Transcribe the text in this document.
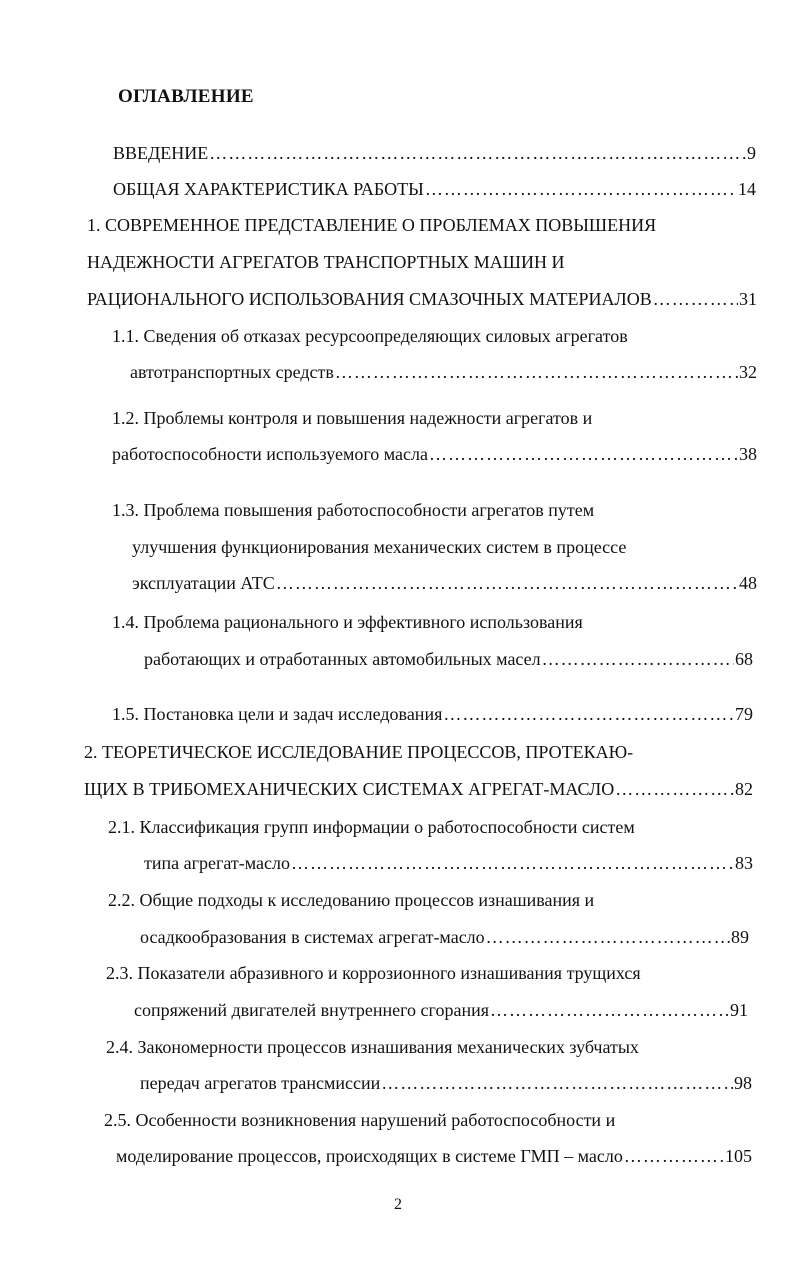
ОГЛАВЛЕНИЕ
ВВЕДЕНИЕ …………………………………………………………………………………………………………………………………………	9
ОБЩАЯ ХАРАКТЕРИСТИКА РАБОТЫ …………………………………………………………………………………………………………………………………………	14
1. СОВРЕМЕННОЕ ПРЕДСТАВЛЕНИЕ О ПРОБЛЕМАХ ПОВЫШЕНИЯ
НАДЕЖНОСТИ АГРЕГАТОВ ТРАНСПОРТНЫХ МАШИН И
РАЦИОНАЛЬНОГО ИСПОЛЬЗОВАНИЯ СМАЗОЧНЫХ МАТЕРИАЛОВ …………………………………………………………………………………………………………………………………………	31
1.1. Сведения об отказах ресурсоопределяющих силовых агрегатов
автотранспортных средств …………………………………………………………………………………………………………………………………………	32
1.2. Проблемы контроля и повышения надежности агрегатов и
работоспособности используемого масла …………………………………………………………………………………………………………………………………………	38
1.3. Проблема повышения работоспособности агрегатов путем
улучшения функционирования механических систем в процессе
эксплуатации АТС …………………………………………………………………………………………………………………………………………	48
1.4. Проблема рационального и эффективного использования
работающих и отработанных автомобильных масел …………………………………………………………………………………………………………………………………………	68
1.5. Постановка цели и задач исследования …………………………………………………………………………………………………………………………………………	79
2. ТЕОРЕТИЧЕСКОЕ ИССЛЕДОВАНИЕ ПРОЦЕССОВ, ПРОТЕКАЮ-
ЩИХ В ТРИБОМЕХАНИЧЕСКИХ СИСТЕМАХ АГРЕГАТ-МАСЛО …………………………………………………………………………………………………………………………………………	82
2.1. Классификация групп информации о работоспособности систем
типа агрегат-масло …………………………………………………………………………………………………………………………………………	83
2.2. Общие подходы к исследованию процессов изнашивания и
осадкообразования в системах агрегат-масло …………………………………………………………………………………………………………………………………………	89
2.3. Показатели абразивного и коррозионного изнашивания трущихся
сопряжений двигателей внутреннего сгорания …………………………………………………………………………………………………………………………………………	91
2.4. Закономерности процессов изнашивания механических зубчатых
передач агрегатов трансмиссии …………………………………………………………………………………………………………………………………………	98
2.5. Особенности возникновения нарушений работоспособности и
моделирование процессов, происходящих в системе ГМП – масло …………………………………………………………………………………………………………………………………………	105
2
